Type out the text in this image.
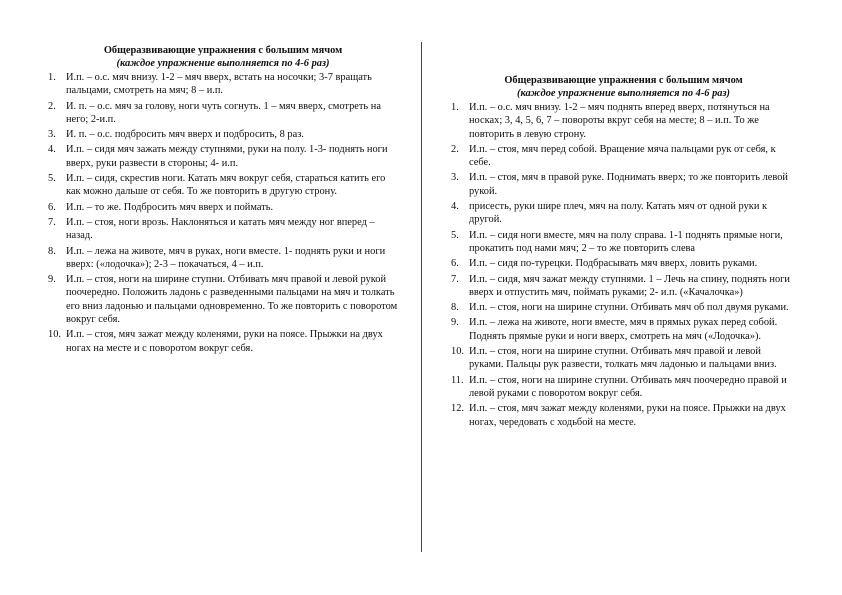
Общеразвивающие упражнения с большим мячом

(каждое упражнение выполняется по 4-6 раз)

1. И.п. – о.с. мяч внизу. 1-2 – мяч вверх, встать на носочки; 3-7 вращать пальцами, смотреть на мяч; 8 – и.п.
2. И. п. – о.с. мяч за голову, ноги чуть согнуть. 1 – мяч вверх, смотреть на него; 2-и.п.
3. И. п. – о.с. подбросить мяч вверх и подбросить, 8 раз.
4. И.п. – сидя мяч зажать между ступнями, руки на полу. 1-3- поднять ноги вверх, руки развести в стороны; 4- и.п.
5. И.п. – сидя, скрестив ноги. Катать мяч вокруг себя, стараться катить его как можно дальше от себя. То же повторить в другую строну.
6. И.п. – то же. Подбросить мяч вверх и поймать.
7. И.п. – стоя, ноги врозь. Наклоняться и катать мяч между ног вперед – назад.
8. И.п. – лежа на животе, мяч в руках, ноги вместе. 1- поднять руки и ноги вверх: («лодочка»); 2-3 – покачаться, 4 – и.п.
9. И.п. – стоя, ноги на ширине ступни. Отбивать мяч правой и левой рукой поочередно. Положить ладонь с разведенными пальцами на мяч и толкать его вниз ладонью и пальцами одновременно. То же повторить с поворотом вокруг себя.
10. И.п. – стоя, мяч зажат между коленями, руки на поясе. Прыжки на двух ногах на месте и с поворотом вокруг себя.

Общеразвивающие упражнения с большим мячом

(каждое упражнение выполняется по 4-6 раз)

1. И.п. – о.с. мяч внизу. 1-2 – мяч поднять вперед вверх, потянуться на носках; 3, 4, 5, 6, 7 – повороты вкруг себя на месте; 8 – и.п. То же повторить в левую строну.
2. И.п. – стоя, мяч перед собой. Вращение мяча пальцами рук от себя, к себе.
3. И.п. – стоя, мяч в правой руке. Поднимать вверх; то же повторить левой рукой.
4. присесть, руки шире плеч, мяч на полу. Катать мяч от одной руки к другой.
5. И.п. – сидя ноги вместе, мяч на полу справа. 1-1 поднять прямые ноги, прокатить под нами мяч; 2 – то же повторить слева
6. И.п. – сидя по-турецки. Подбрасывать мяч вверх, ловить руками.
7. И.п. – сидя, мяч зажат между ступнями. 1 – Лечь на спину, поднять ноги вверх и отпустить мяч, поймать руками; 2- и.п. («Качалочка»)
8. И.п. – стоя, ноги на ширине ступни. Отбивать мяч об пол двумя руками.
9. И.п. – лежа на животе, ноги вместе, мяч в прямых руках перед собой. Поднять прямые руки и ноги вверх, смотреть на мяч («Лодочка»).
10. И.п. – стоя, ноги на ширине ступни. Отбивать мяч правой и левой руками. Пальцы рук развести, толкать мяч ладонью и пальцами вниз.
11. И.п. – стоя, ноги на ширине ступни. Отбивать мяч поочередно правой и левой руками с поворотом вокруг себя.
12. И.п. – стоя, мяч зажат между коленями, руки на поясе. Прыжки на двух ногах, чередовать с ходьбой на месте.
